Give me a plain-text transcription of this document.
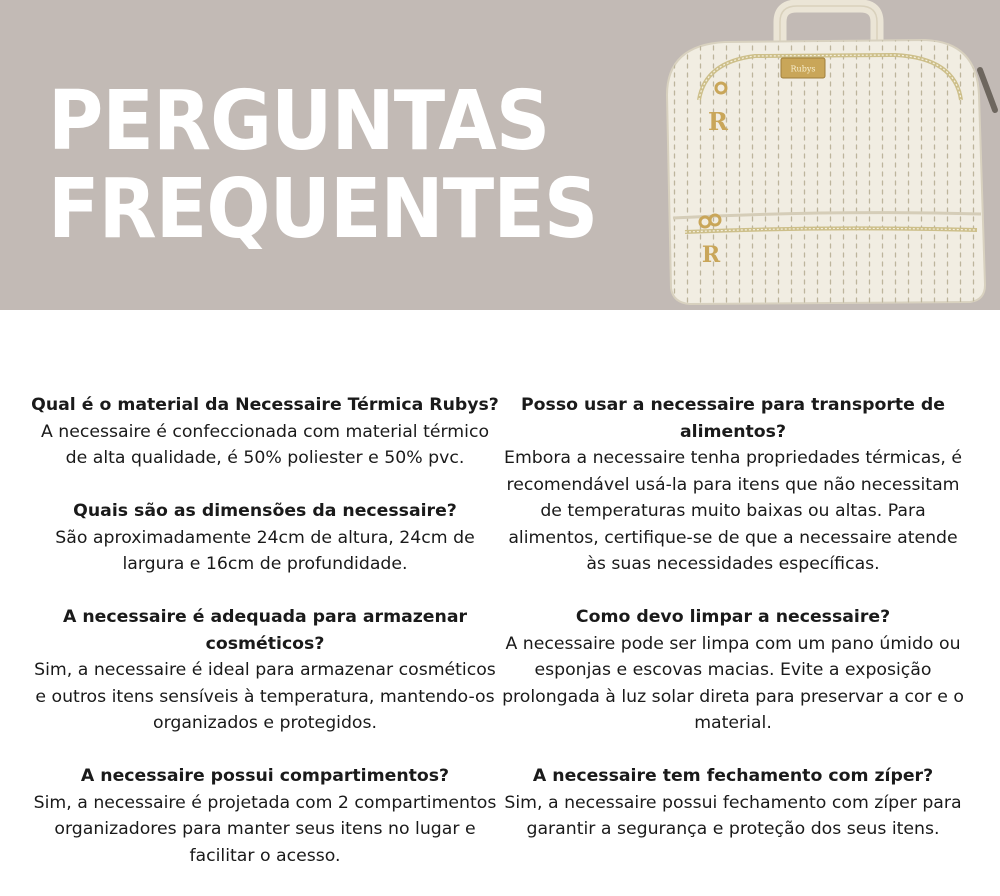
PERGUNTAS
FREQUENTES
Rubys
R
R

Qual é o material da Necessaire Térmica Rubys?

A necessaire é confeccionada com material térmico de alta qualidade, é 50% poliester e 50% pvc.

Quais são as dimensões da necessaire?

São aproximadamente 24cm de altura, 24cm de largura e 16cm de profundidade.

A necessaire é adequada para armazenar cosméticos?

Sim, a necessaire é ideal para armazenar cosméticos e outros itens sensíveis à temperatura, mantendo-os organizados e protegidos.

A necessaire possui compartimentos?

Sim, a necessaire é projetada com 2 compartimentos organizadores para manter seus itens no lugar e facilitar o acesso.

Posso usar a necessaire para transporte de alimentos?

Embora a necessaire tenha propriedades térmicas, é recomendável usá-la para itens que não necessitam de temperaturas muito baixas ou altas. Para alimentos, certifique-se de que a necessaire atende às suas necessidades específicas.

Como devo limpar a necessaire?

A necessaire pode ser limpa com um pano úmido ou esponjas e escovas macias. Evite a exposição prolongada à luz solar direta para preservar a cor e o material.

A necessaire tem fechamento com zíper?

Sim, a necessaire possui fechamento com zíper para garantir a segurança e proteção dos seus itens.
